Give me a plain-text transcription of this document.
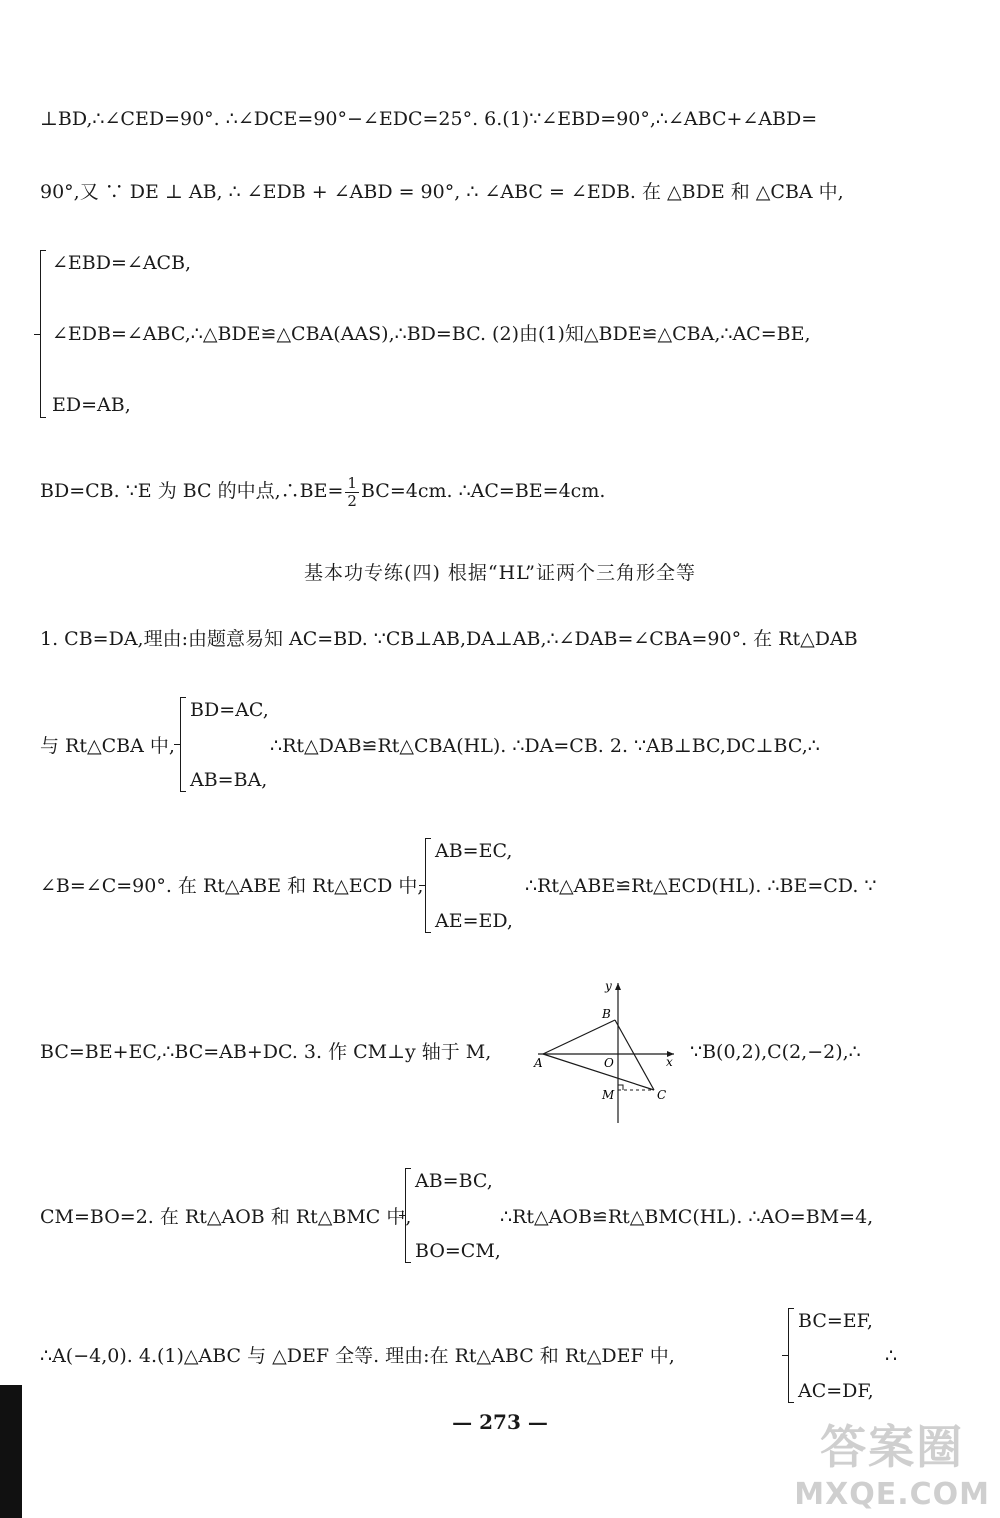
⊥BD,∴∠CED=90°. ∴∠DCE=90°−∠EDC=25°. 6.(1)∵∠EBD=90°,∴∠ABC+∠ABD=
90°,又 ∵ DE ⊥ AB, ∴ ∠EDB + ∠ABD = 90°, ∴ ∠ABC = ∠EDB. 在 △BDE 和 △CBA 中,
∠EBD=∠ACB,
∠EDB=∠ABC,∴△BDE≌△CBA(AAS),∴BD=BC. (2)由(1)知△BDE≌△CBA,∴AC=BE,
ED=AB,
BD=CB. ∵E 为 BC 的中点,∴BE= $\frac{1}{2} BC=4cm$. ∴AC=BE=4cm.
基本功专练(四) 根据“HL”证两个三角形全等
1. CB=DA,理由:由题意易知 AC=BD. ∵CB⊥AB,DA⊥AB,∴∠DAB=∠CBA=90°. 在 Rt△DAB
与 Rt△CBA 中,
BD=AC,
AB=BA,
∴Rt△DAB≌Rt△CBA(HL). ∴DA=CB. 2. ∵AB⊥BC,DC⊥BC,∴
∠B=∠C=90°. 在 Rt△ABE 和 Rt△ECD 中,
AB=EC,
AE=ED,
∴Rt△ABE≌Rt△ECD(HL). ∴BE=CD. ∵
BC=BE+EC,∴BC=AB+DC. 3. 作 CM⊥y 轴于 M,
y
x
B
A	O
M	C
∵B(0,2),C(2,−2),∴
CM=BO=2. 在 Rt△AOB 和 Rt△BMC 中,
AB=BC,
BO=CM,
∴Rt△AOB≌Rt△BMC(HL). ∴AO=BM=4,
∴A(−4,0). 4.(1)△ABC 与 △DEF 全等. 理由:在 Rt△ABC 和 Rt△DEF 中,
BC=EF,
AC=DF,
∴
— 273 —	答案圈
MXQE.COM
